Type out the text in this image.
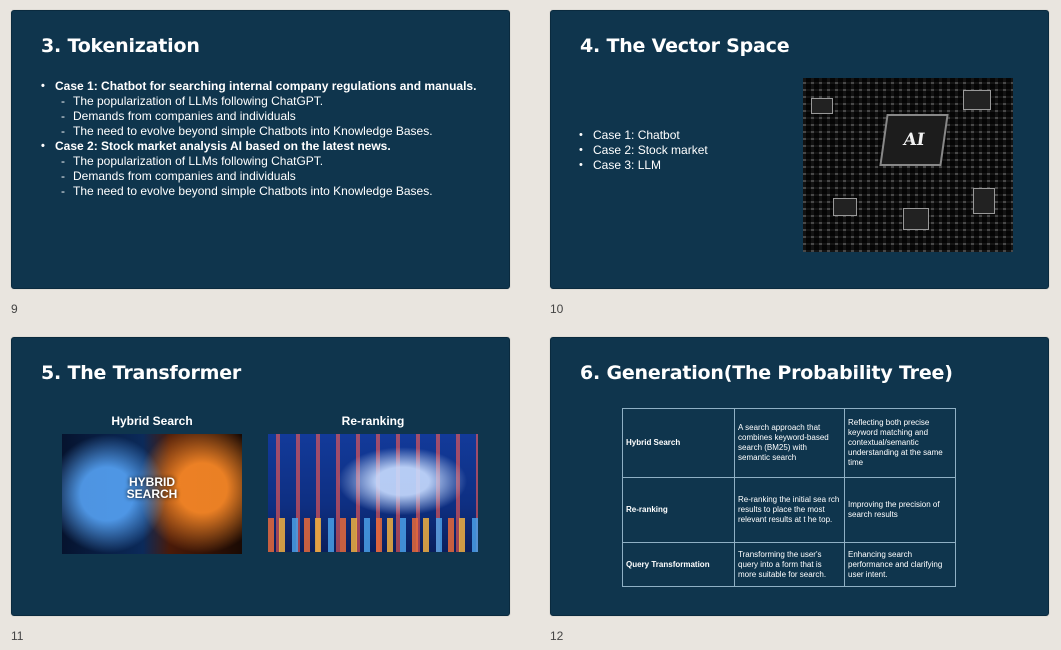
3. Tokenization
• Case 1: Chatbot for searching internal company regulations and manuals.
- The popularization of LLMs following ChatGPT.
- Demands from companies and individuals
- The need to evolve beyond simple Chatbots into Knowledge Bases.
• Case 2: Stock market analysis AI based on the latest news.
- The popularization of LLMs following ChatGPT.
- Demands from companies and individuals
- The need to evolve beyond simple Chatbots into Knowledge Bases.
9
4. The Vector Space
• Case 1: Chatbot
• Case 2: Stock market
• Case 3: LLM
AI
10
5. The Transformer
Hybrid Search	Re-ranking
HYBRID SEARCH
11
6. Generation(The Probability Tree)
Hybrid Search	A search approach that combines keyword-based search (BM25) with semantic search	Reflecting both precise keyword matching and contextual/semantic understanding at the same time
Re-ranking	Re-ranking the initial sea rch results to place the most relevant results at t he top.	Improving the precision of search results
Query Transformation	Transforming the user's query into a form that is more suitable for search.	Enhancing search performance and clarifying user intent.
12
